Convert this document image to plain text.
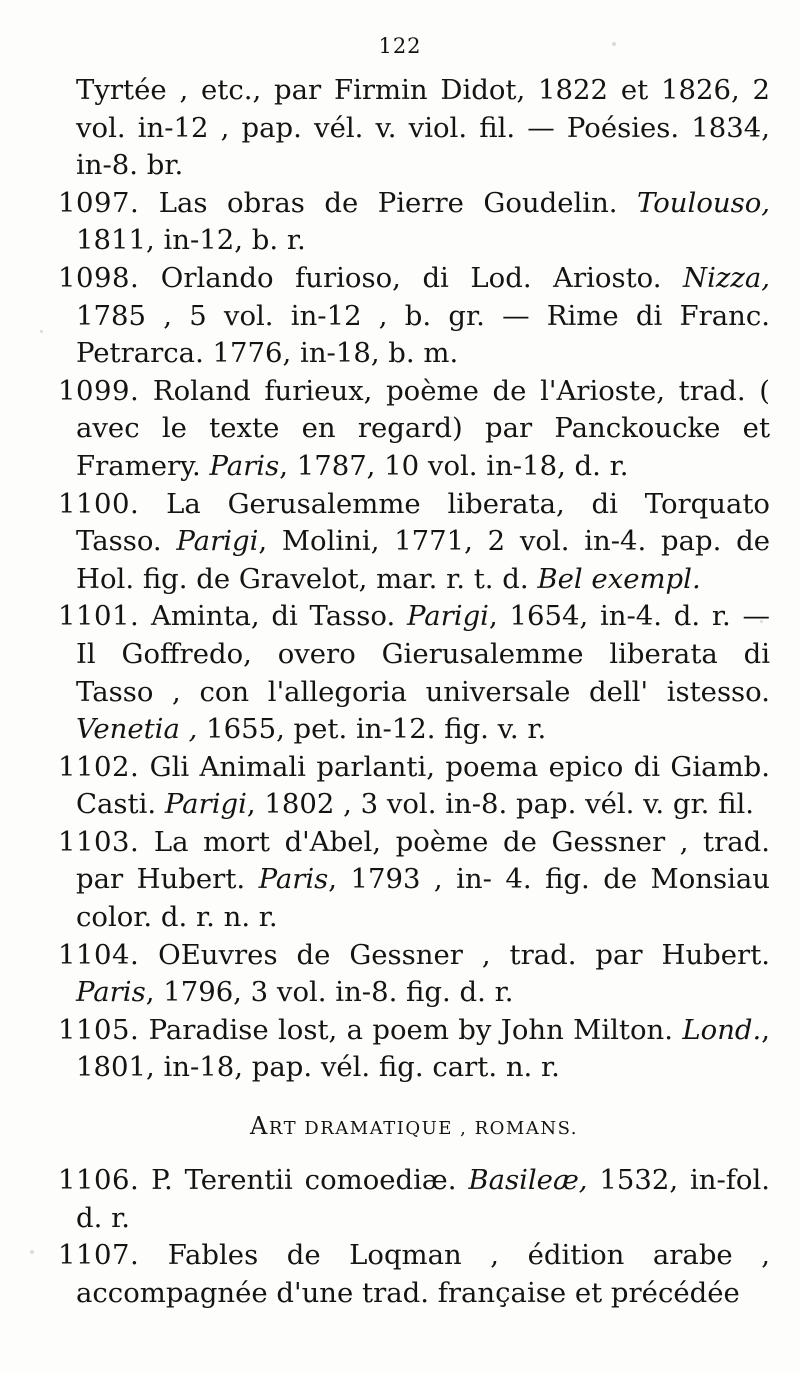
122

Tyrtée , etc., par Firmin Didot, 1822 et 1826, 2 vol. in-12 , pap. vél. v. viol. fil. — Poésies. 1834, in-8. br.

1097. Las obras de Pierre Goudelin. Toulouso, 1811, in-12, b. r.

1098. Orlando furioso, di Lod. Ariosto. Nizza, 1785 , 5 vol. in-12 , b. gr. — Rime di Franc. Petrarca. 1776, in-18, b. m.

1099. Roland furieux, poème de l'Arioste, trad. ( avec le texte en regard) par Panckoucke et Framery. Paris, 1787, 10 vol. in-18, d. r.

1100. La Gerusalemme liberata, di Torquato Tasso. Parigi, Molini, 1771, 2 vol. in-4. pap. de Hol. fig. de Gravelot, mar. r. t. d. Bel exempl.

1101. Aminta, di Tasso. Parigi, 1654, in-4. d. r. — Il Goffredo, overo Gierusalemme liberata di Tasso , con l'allegoria universale dell' istesso. Venetia , 1655, pet. in-12. fig. v. r.

1102. Gli Animali parlanti, poema epico di Giamb. Casti. Parigi, 1802 , 3 vol. in-8. pap. vél. v. gr. fil.

1103. La mort d'Abel, poème de Gessner , trad. par Hubert. Paris, 1793 , in- 4. fig. de Monsiau color. d. r. n. r.

1104. OEuvres de Gessner , trad. par Hubert. Paris, 1796, 3 vol. in-8. fig. d. r.

1105. Paradise lost, a poem by John Milton. Lond., 1801, in-18, pap. vél. fig. cart. n. r.

ART DRAMATIQUE , ROMANS.

1106. P. Terentii comoediæ. Basileæ, 1532, in-fol. d. r.

1107. Fables de Loqman , édition arabe , accompagnée d'une trad. française et précédée
